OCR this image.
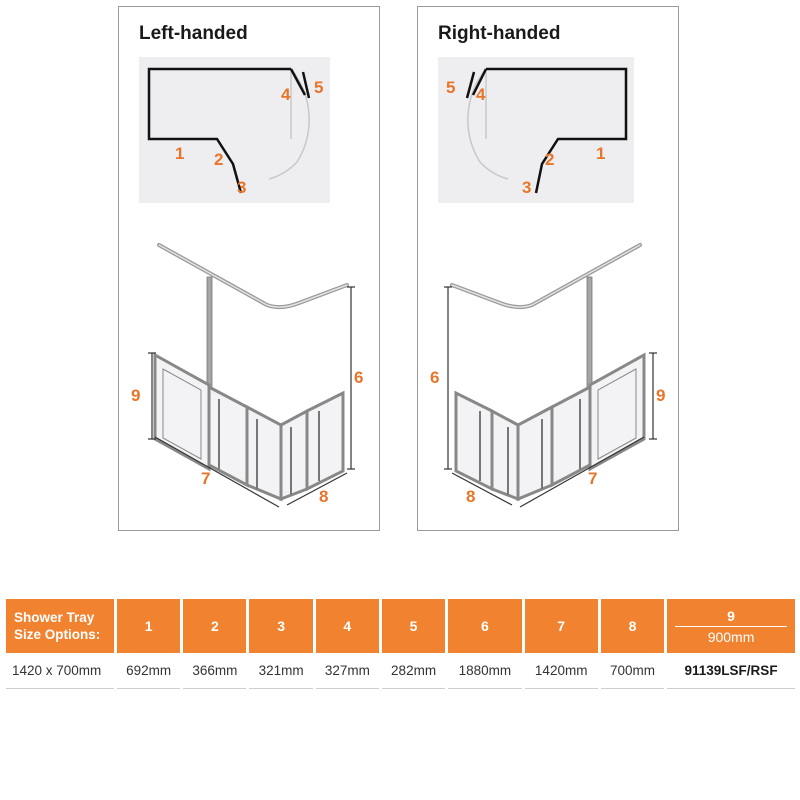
Left-handed
1 2
3
4 5
6
7
8
9
Right-handed
1
2
3
4
5
6
7
8
9
Shower Tray Size Options:	1	2	3	4	5	6	7	8	9
900mm

1420 x 700mm	692mm	366mm	321mm	327mm	282mm	1880mm	1420mm	700mm	91139LSF/RSF
